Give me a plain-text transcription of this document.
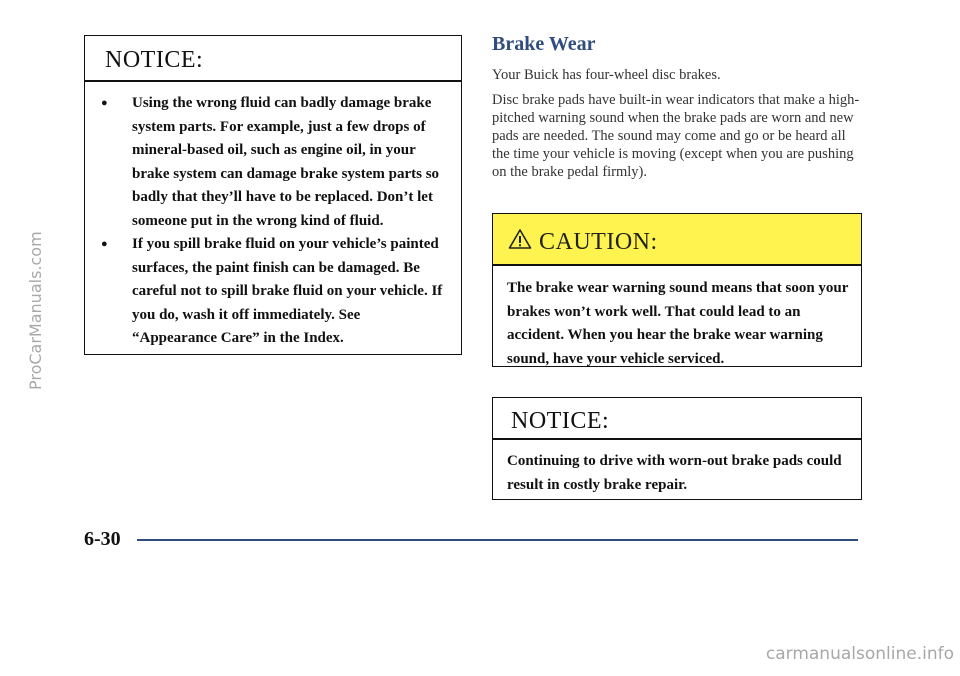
NOTICE:
● Using the wrong fluid can badly damage brake system parts. For example, just a few drops of mineral-based oil, such as engine oil, in your brake system can damage brake system parts so badly that they’ll have to be replaced. Don’t let someone put in the wrong kind of fluid.
● If you spill brake fluid on your vehicle’s painted surfaces, the paint finish can be damaged. Be careful not to spill brake fluid on your vehicle. If you do, wash it off immediately. See “Appearance Care” in the Index.
Brake Wear
Your Buick has four-wheel disc brakes.
Disc brake pads have built-in wear indicators that make a high-pitched warning sound when the brake pads are worn and new pads are needed. The sound may come and go or be heard all the time your vehicle is moving (except when you are pushing on the brake pedal firmly).
CAUTION:
The brake wear warning sound means that soon your brakes won’t work well. That could lead to an accident. When you hear the brake wear warning sound, have your vehicle serviced.
NOTICE:
Continuing to drive with worn-out brake pads could result in costly brake repair.
6-30
ProCarManuals.com
carmanualsonline.info
